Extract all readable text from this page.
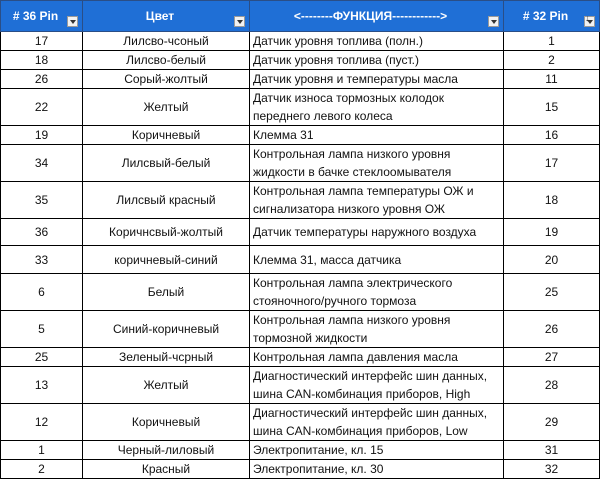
# 36 Pin	Цвет	<--------ФУНКЦИЯ------------>	# 32 Pin
↓

17	Лилсво-чсоный	Датчик уровня топлива (полн.)	1
18	Лилсво-белый	Датчик уровня топлива (пуст.)	2
26	Сорый-жолтый	Датчик уровня и температуры масла	11
22	Желтый	Датчик износа тормозных колодок переднего левого колеса	15
19	Коричневый	Клемма 31	16
34	Лилсвый-белый	Контрольная лампа низкого уровня жидкости в бачке стеклоомывателя	17
35	Лилсвый красный	Контрольная лампа температуры ОЖ и сигнализатора низкого уровня ОЖ	18
36	Коричнсвый-жолтый	Датчик температуры наружного воздуха	19
33	коричневый-синий	Клемма 31, масса датчика	20
6	Белый	Контрольная лампа электрического стояночного/ручного тормоза	25
5	Синий-коричневый	Контрольная лампа низкого уровня тормозной жидкости	26
25	Зеленый-чсрный	Контрольная лампа давления масла	27
13	Желтый	Диагностический интерфейс шин данных, шина CAN-комбинация приборов, High	28
12	Коричневый	Диагностический интерфейс шин данных, шина CAN-комбинация приборов, Low	29
1	Черный-лиловый	Электропитание, кл. 15	31
2	Красный	Электропитание, кл. 30	32
